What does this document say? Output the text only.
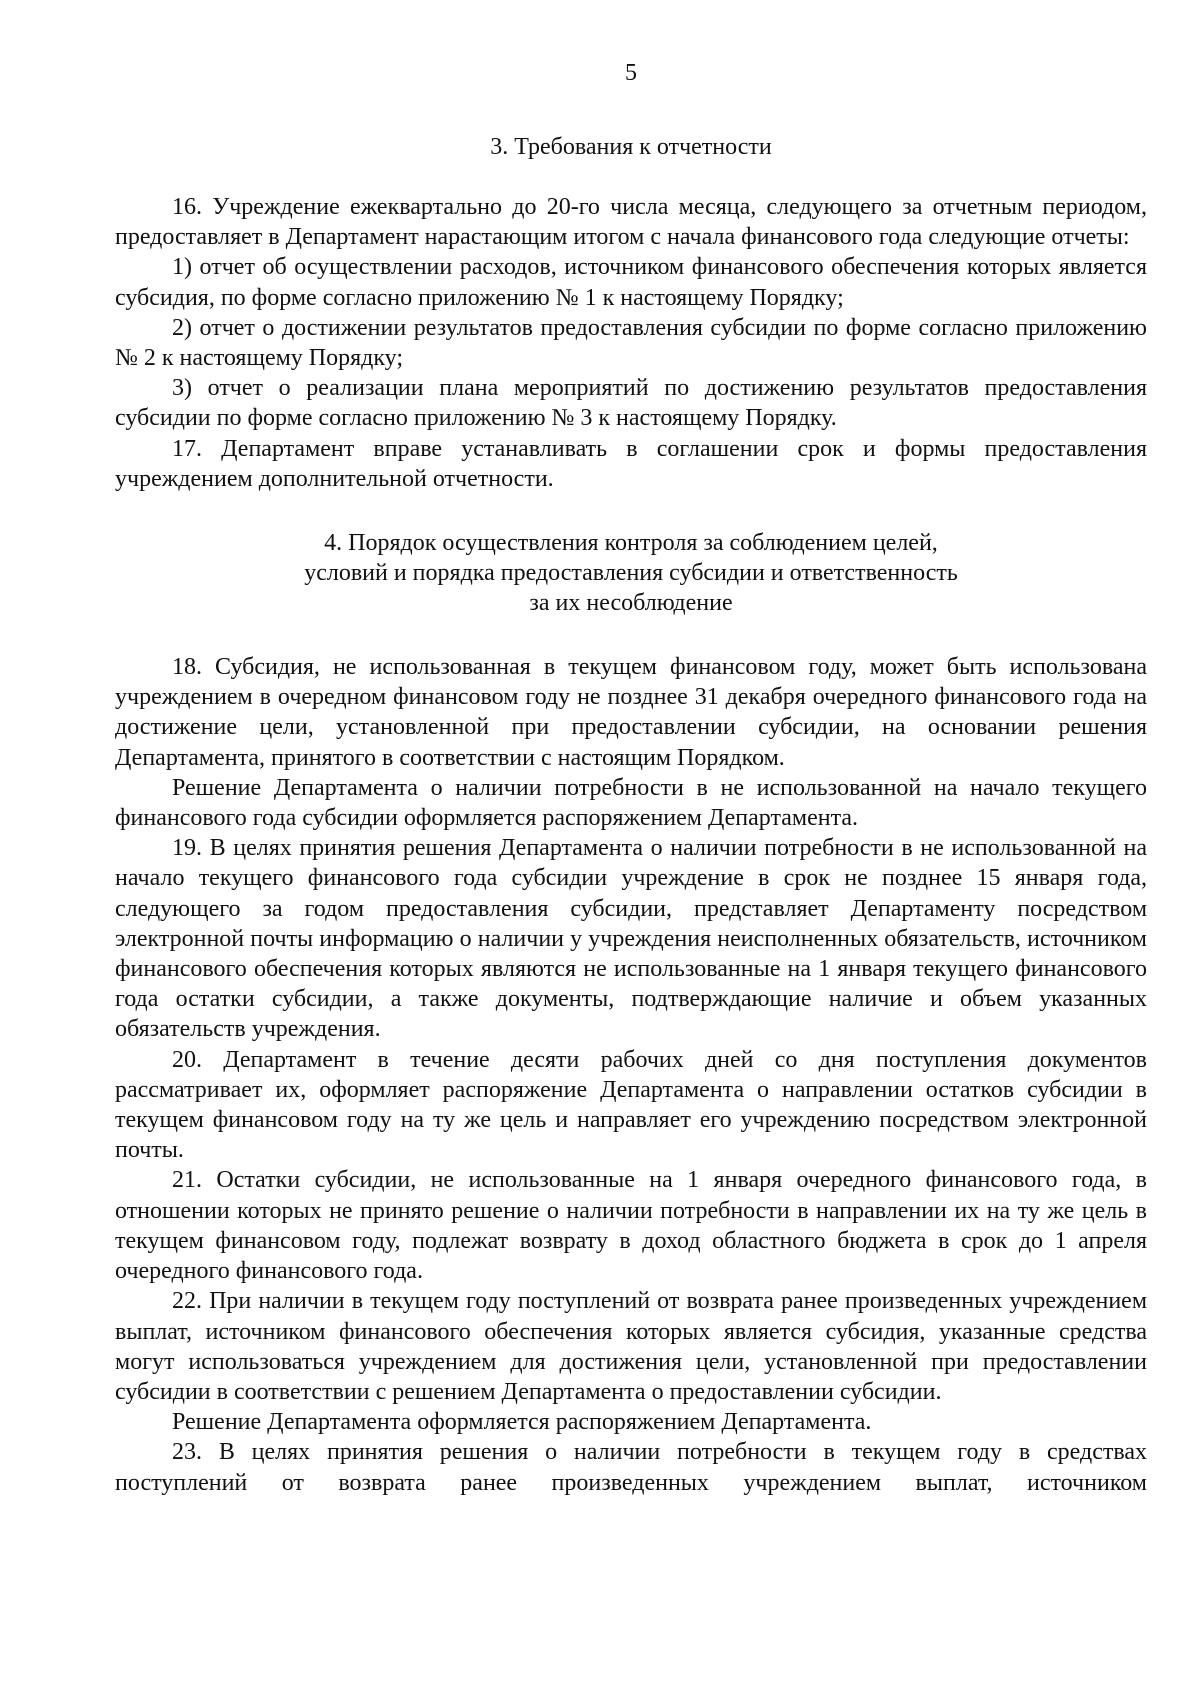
5
3. Требования к отчетности

16. Учреждение ежеквартально до 20-го числа месяца, следующего за отчетным периодом, предоставляет в Департамент нарастающим итогом с начала финансового года следующие отчеты:

1) отчет об осуществлении расходов, источником финансового обеспечения которых является субсидия, по форме согласно приложению № 1 к настоящему Порядку;

2) отчет о достижении результатов предоставления субсидии по форме согласно приложению № 2 к настоящему Порядку;

3) отчет о реализации плана мероприятий по достижению результатов предоставления субсидии по форме согласно приложению № 3 к настоящему Порядку.

17. Департамент вправе устанавливать в соглашении срок и формы предоставления учреждением дополнительной отчетности.

4. Порядок осуществления контроля за соблюдением целей,
условий и порядка предоставления субсидии и ответственность
за их несоблюдение

18. Субсидия, не использованная в текущем финансовом году, может быть использована учреждением в очередном финансовом году не позднее 31 декабря очередного финансового года на достижение цели, установленной при предоставлении субсидии, на основании решения Департамента, принятого в соответствии с настоящим Порядком.

Решение Департамента о наличии потребности в не использованной на начало текущего финансового года субсидии оформляется распоряжением Департамента.

19. В целях принятия решения Департамента о наличии потребности в не использованной на начало текущего финансового года субсидии учреждение в срок не позднее 15 января года, следующего за годом предоставления субсидии, представляет Департаменту посредством электронной почты информацию о наличии у учреждения неисполненных обязательств, источником финансового обеспечения которых являются не использованные на 1 января текущего финансового года остатки субсидии, а также документы, подтверждающие наличие и объем указанных обязательств учреждения.

20. Департамент в течение десяти рабочих дней со дня поступления документов рассматривает их, оформляет распоряжение Департамента о направлении остатков субсидии в текущем финансовом году на ту же цель и направляет его учреждению посредством электронной почты.

21. Остатки субсидии, не использованные на 1 января очередного финансового года, в отношении которых не принято решение о наличии потребности в направлении их на ту же цель в текущем финансовом году, подлежат возврату в доход областного бюджета в срок до 1 апреля очередного финансового года.

22. При наличии в текущем году поступлений от возврата ранее произведенных учреждением выплат, источником финансового обеспечения которых является субсидия, указанные средства могут использоваться учреждением для достижения цели, установленной при предоставлении субсидии в соответствии с решением Департамента о предоставлении субсидии.

Решение Департамента оформляется распоряжением Департамента.

23. В целях принятия решения о наличии потребности в текущем году в средствах поступлений от возврата ранее произведенных учреждением выплат, источником
